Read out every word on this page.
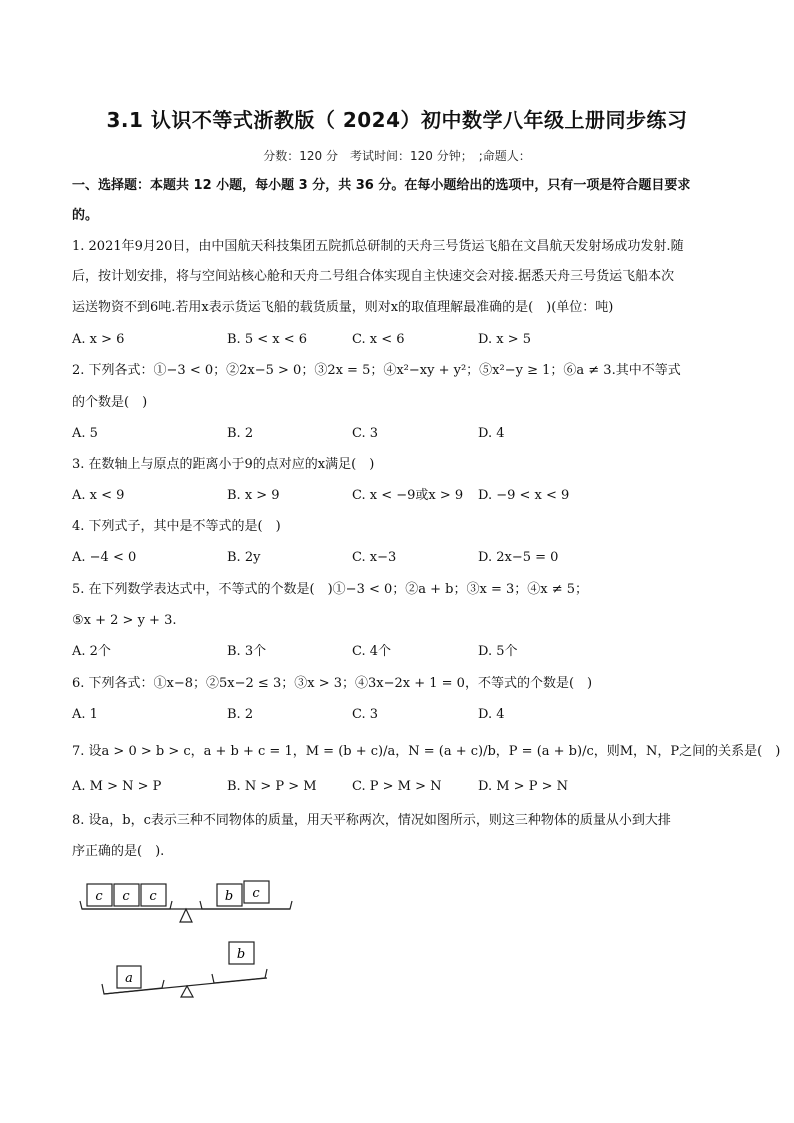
3.1 认识不等式浙教版（ 2024）初中数学八年级上册同步练习
分数：120 分　考试时间：120 分钟；　;命题人：
一、选择题：本题共 12 小题，每小题 3 分，共 36 分。在每小题给出的选项中，只有一项是符合题目要求
的。
1. 2021年9月20日，由中国航天科技集团五院抓总研制的天舟三号货运飞船在文昌航天发射场成功发射.随
后，按计划安排，将与空间站核心舱和天舟二号组合体实现自主快速交会对接.据悉天舟三号货运飞船本次
运送物资不到6吨.若用x表示货运飞船的载货质量，则对x的取值理解最准确的是(　)(单位：吨)
A. x > 6	B. 5 < x < 6	C. x < 6	D. x > 5
2. 下列各式：①−3 < 0；②2x−5 > 0；③2x = 5；④x²−xy + y²；⑤x²−y ≥ 1；⑥a ≠ 3.其中不等式
的个数是(　)
A. 5	B. 2	C. 3	D. 4
3. 在数轴上与原点的距离小于9的点对应的x满足(　)
A. x < 9	B. x > 9	C. x < −9或x > 9 D. −9 < x < 9
4. 下列式子，其中是不等式的是(　)
A. −4 < 0	B. 2y	C. x−3	D. 2x−5 = 0
5. 在下列数学表达式中，不等式的个数是(　)①−3 < 0；②a + b；③x = 3；④x ≠ 5；
⑤x + 2 > y + 3.
A. 2个	B. 3个	C. 4个	D. 5个
6. 下列各式：①x−8；②5x−2 ≤ 3；③x > 3；④3x−2x + 1 = 0，不等式的个数是(　)
A. 1	B. 2	C. 3	D. 4
7. 设a > 0 > b > c，a + b + c = 1，M = (b + c)/a，N = (a + c)/b，P = (a + b)/c，则M，N，P之间的关系是(　)
A. M > N > P	B. N > P > M	C. P > M > N	D. M > P > N
8. 设a，b，c表示三种不同物体的质量，用天平称两次，情况如图所示，则这三种物体的质量从小到大排
序正确的是(　).
c c c	b c
a
b
